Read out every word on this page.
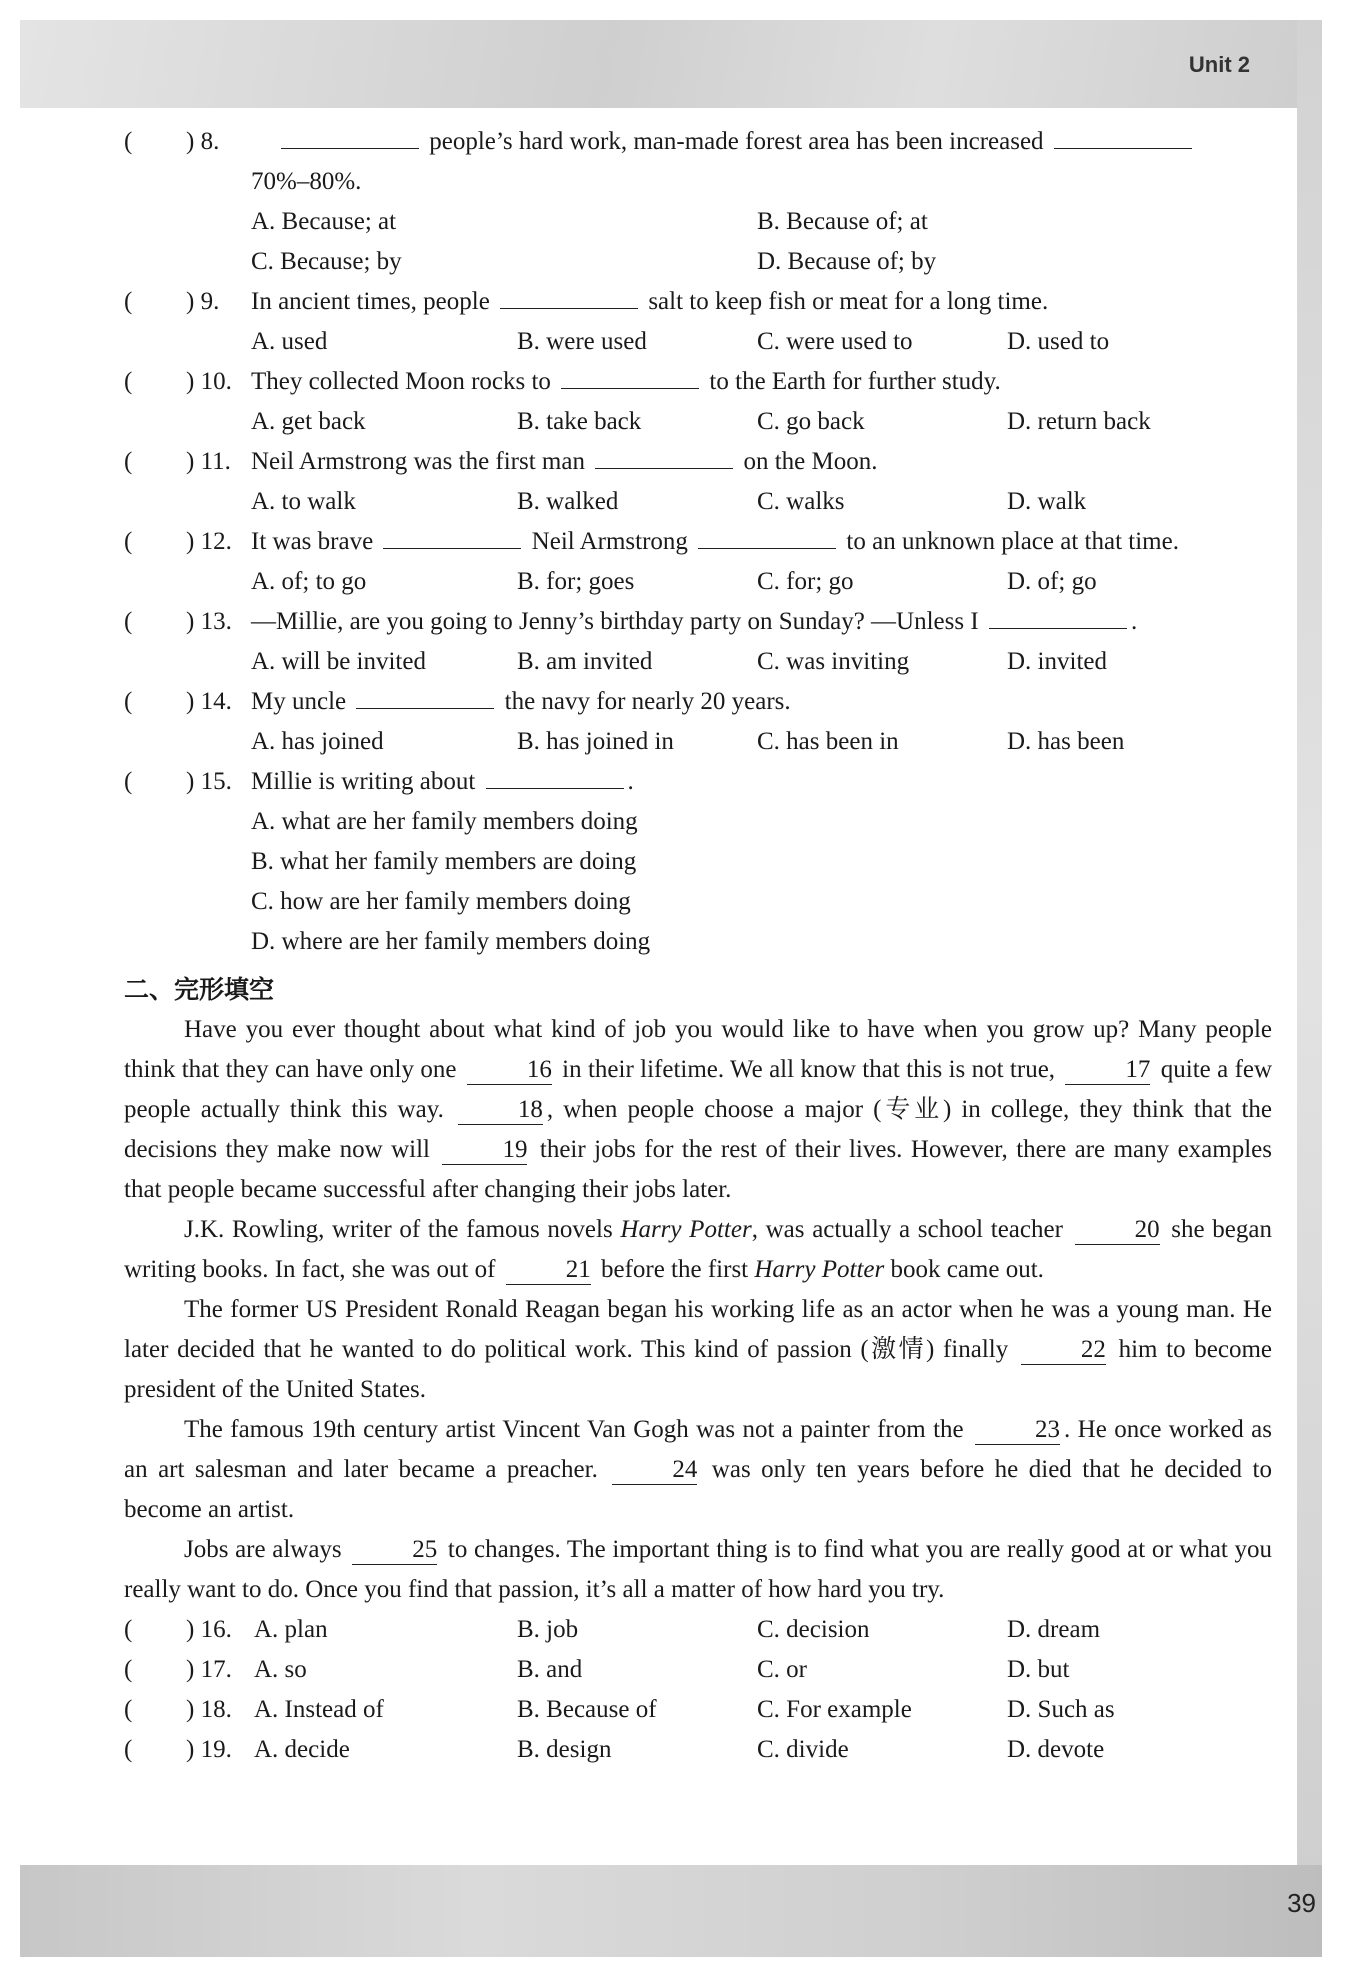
Unit 2
39
( ) 8.	people’s hard work, man-made forest area has been increased
70%–80%.
A. Because; at	B. Because of; at
C. Because; by	D. Because of; by
( ) 9. In ancient times, people	salt to keep fish or meat for a long time.
A. used	B. were used	C. were used to	D. used to
( ) 10. They collected Moon rocks to	to the Earth for further study.
A. get back	B. take back	C. go back	D. return back
( ) 11. Neil Armstrong was the first man	on the Moon.
A. to walk	B. walked	C. walks	D. walk
( ) 12. It was brave	Neil Armstrong	to an unknown place at that time.
A. of; to go	B. for; goes	C. for; go	D. of; go
( ) 13. —Millie, are you going to Jenny’s birthday party on Sunday? —Unless I	.
A. will be invited	B. am invited	C. was inviting	D. invited
( ) 14. My uncle	the navy for nearly 20 years.
A. has joined	B. has joined in	C. has been in	D. has been
( ) 15. Millie is writing about	.
A. what are her family members doing
B. what her family members are doing
C. how are her family members doing
D. where are her family members doing
二、完形填空

Have you ever thought about what kind of job you would like to have when you grow up? Many people think that they can have only one	16 in their lifetime. We all know that this is not true,	17 quite a few people actually think this way.	18 , when people choose a major (专业) in college, they think that the decisions they make now will	19 their jobs for the rest of their lives. However, there are many examples that people became successful after changing their jobs later.

J.K. Rowling, writer of the famous novels Harry Potter, was actually a school teacher	20 she began writing books. In fact, she was out of	21 before the first Harry Potter book came out.

The former US President Ronald Reagan began his working life as an actor when he was a young man. He later decided that he wanted to do political work. This kind of passion (激情) finally	22 him to become president of the United States.

The famous 19th century artist Vincent Van Gogh was not a painter from the	23 . He once worked as an art salesman and later became a preacher.	24 was only ten years before he died that he decided to become an artist.

Jobs are always	25 to changes. The important thing is to find what you are really good at or what you really want to do. Once you find that passion, it’s all a matter of how hard you try.

( ) 16. A. plan	B. job	C. decision	D. dream
( ) 17. A. so	B. and	C. or	D. but
( ) 18. A. Instead of	B. Because of	C. For example	D. Such as
( ) 19. A. decide	B. design	C. divide	D. devote
